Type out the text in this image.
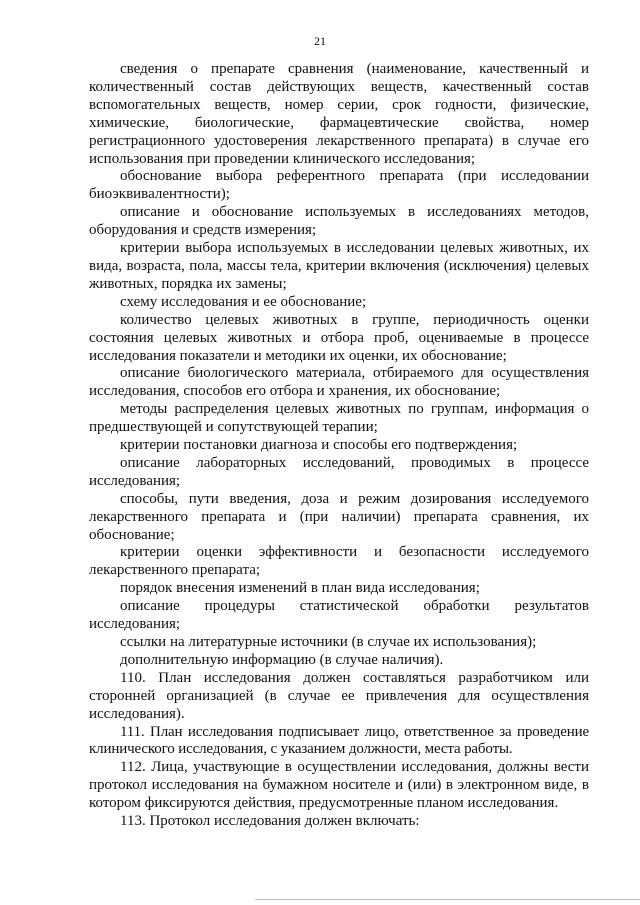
21

сведения о препарате сравнения (наименование, качественный и количественный состав действующих веществ, качественный состав вспомогательных веществ, номер серии, срок годности, физические, химические, биологические, фармацевтические свойства, номер регистрационного удостоверения лекарственного препарата) в случае его использования при проведении клинического исследования;

обоснование выбора референтного препарата (при исследовании биоэквивалентности);

описание и обоснование используемых в исследованиях методов, оборудования и средств измерения;

критерии выбора используемых в исследовании целевых животных, их вида, возраста, пола, массы тела, критерии включения (исключения) целевых животных, порядка их замены;

схему исследования и ее обоснование;

количество целевых животных в группе, периодичность оценки состояния целевых животных и отбора проб, оцениваемые в процессе исследования показатели и методики их оценки, их обоснование;

описание биологического материала, отбираемого для осуществления исследования, способов его отбора и хранения, их обоснование;

методы распределения целевых животных по группам, информация о предшествующей и сопутствующей терапии;

критерии постановки диагноза и способы его подтверждения;

описание лабораторных исследований, проводимых в процессе исследования;

способы, пути введения, доза и режим дозирования исследуемого лекарственного препарата и (при наличии) препарата сравнения, их обоснование;

критерии оценки эффективности и безопасности исследуемого лекарственного препарата;

порядок внесения изменений в план вида исследования;

описание процедуры статистической обработки результатов исследования;

ссылки на литературные источники (в случае их использования);

дополнительную информацию (в случае наличия).

110. План исследования должен составляться разработчиком или сторонней организацией (в случае ее привлечения для осуществления исследования).

111. План исследования подписывает лицо, ответственное за проведение клинического исследования, с указанием должности, места работы.

112. Лица, участвующие в осуществлении исследования, должны вести протокол исследования на бумажном носителе и (или) в электронном виде, в котором фиксируются действия, предусмотренные планом исследования.

113. Протокол исследования должен включать:
